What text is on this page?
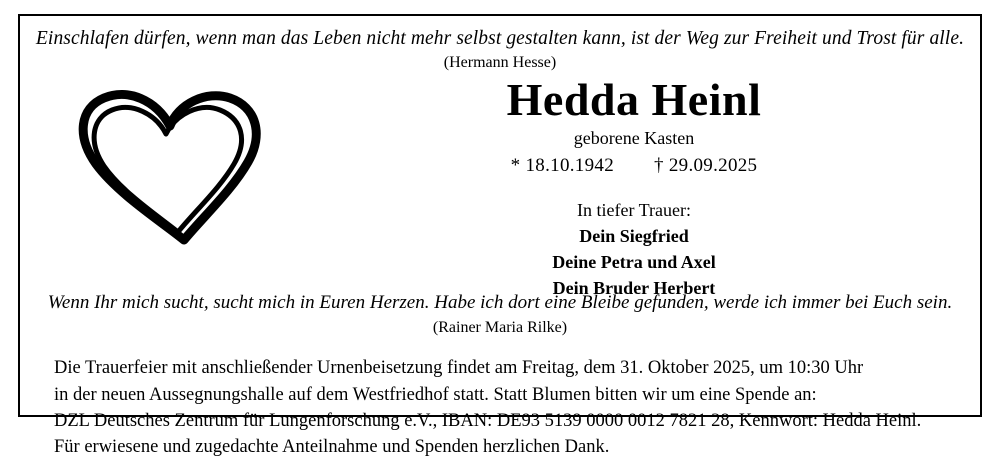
Einschlafen dürfen, wenn man das Leben nicht mehr selbst gestalten kann, ist der Weg zur Freiheit und Trost für alle.
(Hermann Hesse)
Hedda Heinl
geborene Kasten
* 18.10.1942 † 29.09.2025
In tiefer Trauer:
Dein Siegfried
Deine Petra und Axel
Dein Bruder Herbert
Wenn Ihr mich sucht, sucht mich in Euren Herzen. Habe ich dort eine Bleibe gefunden, werde ich immer bei Euch sein.
(Rainer Maria Rilke)
Die Trauerfeier mit anschließender Urnenbeisetzung findet am Freitag, dem 31. Oktober 2025, um 10:30 Uhr
in der neuen Aussegnungshalle auf dem Westfriedhof statt. Statt Blumen bitten wir um eine Spende an:
DZL Deutsches Zentrum für Lungenforschung e.V., IBAN: DE93 5139 0000 0012 7821 28, Kennwort: Hedda Heinl.
Für erwiesene und zugedachte Anteilnahme und Spenden herzlichen Dank.
